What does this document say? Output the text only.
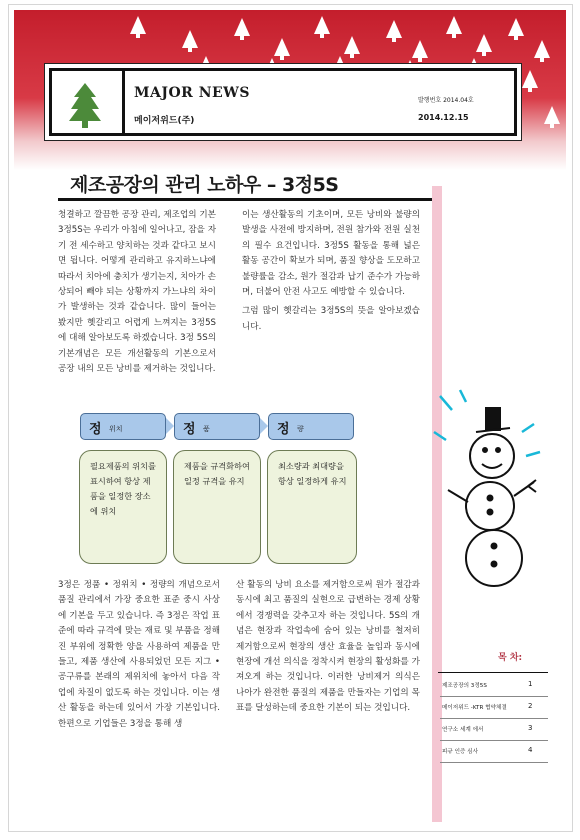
MAJOR NEWS
메이저위드(주)
발행번호 2014.04호
2014.12.15
제조공장의 관리 노하우 – 3정5S
청결하고 깔끔한 공장 관리, 제조업의 기본 3정5S는 우리가 아침에 일어나고, 잠을 자기 전 세수하고 양치하는 것과 같다고 보시면 됩니다. 어떻게 관리하고 유지하느냐에 따라서 치아에 충치가 생기는지, 치아가 손상되어 빼야 되는 상황까지 가느냐의 차이가 발생하는 것과 같습니다. 많이 들어는 봤지만 헷갈리고 어렵게 느껴지는 3정5S에 대해 알아보도록 하겠습니다. 3정 5S의 기본개념은 모든 개선활동의 기본으로서 공장 내의 모든 낭비를 제거하는 것입니다.
이는 생산활동의 기초이며, 모든 낭비와 불량의 발생을 사전에 방지하며, 전원 참가와 전원 실천의 필수 요건입니다. 3정5S 활동을 통해 넓은 활동 공간이 확보가 되며, 품질 향상을 도모하고 불량률을 감소, 원가 절감과 납기 준수가 가능하며, 더불어 안전 사고도 예방할 수 있습니다.
그럼 많이 헷갈리는 3정5S의 뜻을 알아보겠습니다.
정 위치	정 품	정 량
필요제품의 위치를 표시하여 항상 제품을 일정한 장소에 위치
제품을 규격화하여 일정 규격을 유지
최소량과 최대량을 항상 일정하게 유지
3정은 정품 • 정위치 • 정량의 개념으로서 품질 관리에서 가장 중요한 표준 중시 사상에 기본을 두고 있습니다. 즉 3정은 작업 표준에 따라 규격에 맞는 재료 및 부품을 정해진 부위에 정확한 양을 사용하여 제품을 만들고, 제품 생산에 사용되었던 모든 지그 • 공구류를 본래의 제위치에 놓아서 다음 작업에 차질이 없도록 하는 것입니다. 이는 생산 활동을 하는데 있어서 가장 기본입니다. 한편으로 기업들은 3정을 통해 생
산 활동의 낭비 요소를 제거함으로써 원가 절감과 동시에 최고 품질의 실현으로 급변하는 경제 상황에서 경쟁력을 갖추고자 하는 것입니다. 5S의 개념은 현장과 작업속에 숨어 있는 낭비를 철저히 제거함으로써 현장의 생산 효율을 높임과 동시에 현장에 개선 의식을 정착시켜 현장의 활성화를 가져오게 하는 것입니다. 이러한 낭비제거 의식은 나아가 완전한 품질의 제품을 만들자는 기업의 목표를 달성하는데 중요한 기본이 되는 것입니다.
목 차:
제조공장의 3정5S	1
메이저위드 -KTR 협약체결	2
연구소 세계 에서	3
피규 인증 심사	4
